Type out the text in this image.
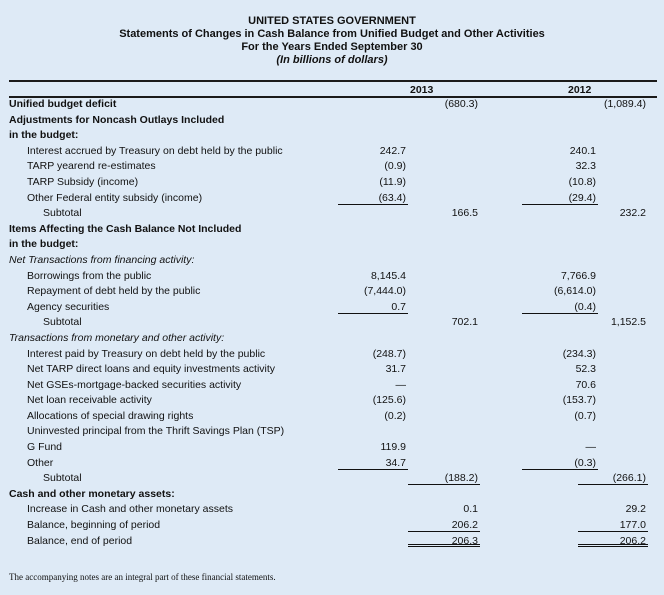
UNITED STATES GOVERNMENT
Statements of Changes in Cash Balance from Unified Budget and Other Activities
For the Years Ended September 30
(In billions of dollars)
2013	2012
Unified budget deficit	(680.3)	(1,089.4)
Adjustments for Noncash Outlays Included
in the budget:
Interest accrued by Treasury on debt held by the public	242.7	240.1
TARP yearend re-estimates	(0.9)	32.3
TARP Subsidy (income)	(11.9)	(10.8)
Other Federal entity subsidy (income)	(63.4)	(29.4)
Subtotal	166.5	232.2
Items Affecting the Cash Balance Not Included
in the budget:
Net Transactions from financing activity:
Borrowings from the public	8,145.4	7,766.9
Repayment of debt held by the public	(7,444.0)	(6,614.0)
Agency securities	0.7	(0.4)
Subtotal	702.1	1,152.5
Transactions from monetary and other activity:
Interest paid by Treasury on debt held by the public	(248.7)	(234.3)
Net TARP direct loans and equity investments activity	31.7	52.3
Net GSEs-mortgage-backed securities activity	—	70.6
Net loan receivable activity	(125.6)	(153.7)
Allocations of special drawing rights	(0.2)	(0.7)
Uninvested principal from the Thrift Savings Plan (TSP)
G Fund	119.9	—
Other	34.7	(0.3)
Subtotal	(188.2)	(266.1)
Cash and other monetary assets:
Increase in Cash and other monetary assets	0.1	29.2
Balance, beginning of period	206.2	177.0
Balance, end of period	206.3	206.2
The accompanying notes are an integral part of these financial statements.
